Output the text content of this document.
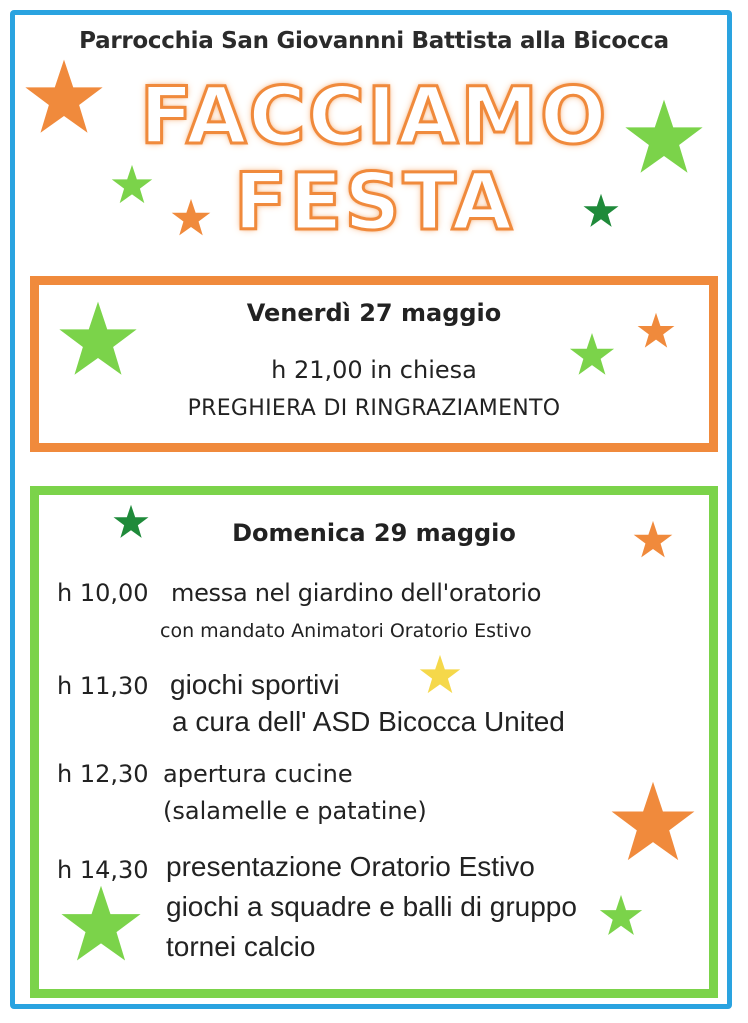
Parrocchia San Giovannni Battista alla Bicocca
FACCIAMO
FESTA
Venerdì 27 maggio
h 21,00 in chiesa
PREGHIERA DI RINGRAZIAMENTO
Domenica 29 maggio
h 10,00 messa nel giardino dell'oratorio
con mandato Animatori Oratorio Estivo
h 11,30 giochi sportivi
a cura dell' ASD Bicocca United
h 12,30 apertura cucine
(salamelle e patatine)
h 14,30 presentazione Oratorio Estivo
giochi a squadre e balli di gruppo
tornei calcio
